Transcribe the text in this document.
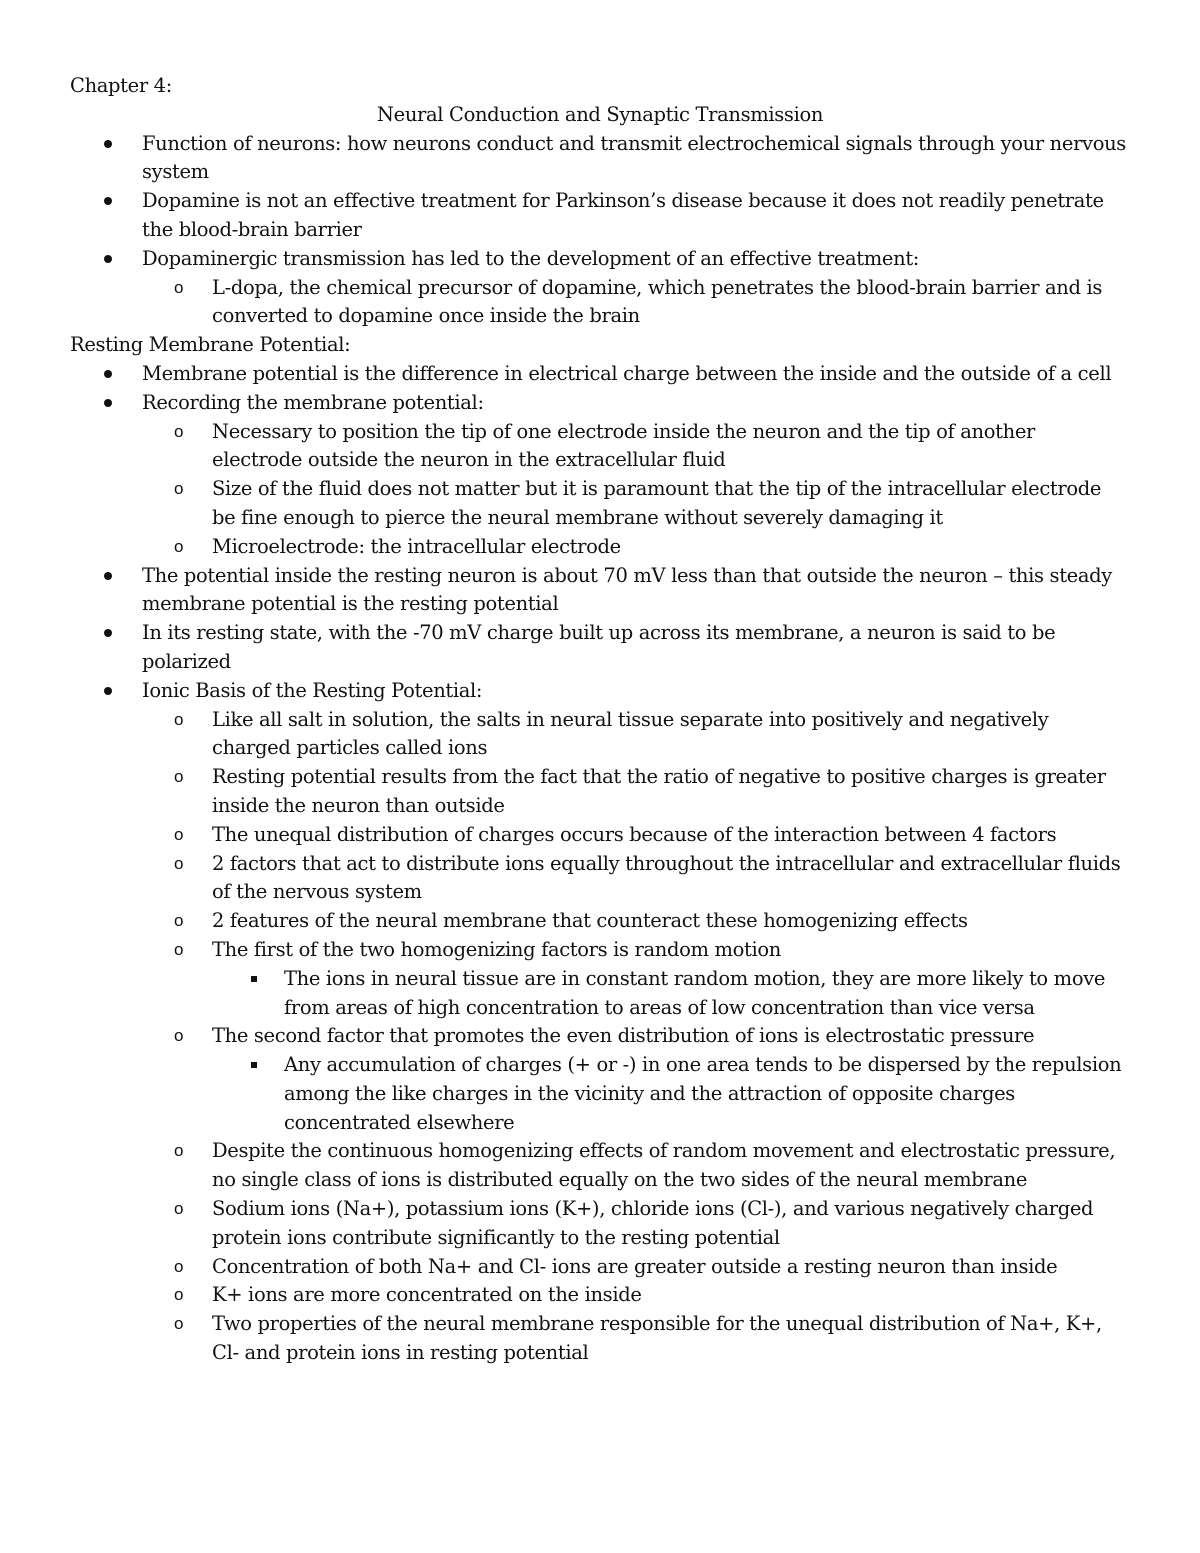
Chapter 4:

Neural Conduction and Synaptic Transmission

Function of neurons: how neurons conduct and transmit electrochemical signals through your nervous system
Dopamine is not an effective treatment for Parkinson’s disease because it does not readily penetrate the blood-brain barrier
Dopaminergic transmission has led to the development of an effective treatment:
o L-dopa, the chemical precursor of dopamine, which penetrates the blood-brain barrier and is converted to dopamine once inside the brain

Resting Membrane Potential:

Membrane potential is the difference in electrical charge between the inside and the outside of a cell
Recording the membrane potential:
o Necessary to position the tip of one electrode inside the neuron and the tip of another electrode outside the neuron in the extracellular fluid
o Size of the fluid does not matter but it is paramount that the tip of the intracellular electrode be fine enough to pierce the neural membrane without severely damaging it
o Microelectrode: the intracellular electrode
The potential inside the resting neuron is about 70 mV less than that outside the neuron – this steady membrane potential is the resting potential
In its resting state, with the -70 mV charge built up across its membrane, a neuron is said to be polarized
Ionic Basis of the Resting Potential:
o Like all salt in solution, the salts in neural tissue separate into positively and negatively charged particles called ions
o Resting potential results from the fact that the ratio of negative to positive charges is greater inside the neuron than outside
o The unequal distribution of charges occurs because of the interaction between 4 factors
o 2 factors that act to distribute ions equally throughout the intracellular and extracellular fluids of the nervous system
o 2 features of the neural membrane that counteract these homogenizing effects
o The first of the two homogenizing factors is random motion
The ions in neural tissue are in constant random motion, they are more likely to move from areas of high concentration to areas of low concentration than vice versa
o The second factor that promotes the even distribution of ions is electrostatic pressure
Any accumulation of charges (+ or -) in one area tends to be dispersed by the repulsion among the like charges in the vicinity and the attraction of opposite charges concentrated elsewhere
o Despite the continuous homogenizing effects of random movement and electrostatic pressure, no single class of ions is distributed equally on the two sides of the neural membrane
o Sodium ions (Na+), potassium ions (K+), chloride ions (Cl-), and various negatively charged protein ions contribute significantly to the resting potential
o Concentration of both Na+ and Cl- ions are greater outside a resting neuron than inside
o K+ ions are more concentrated on the inside
o Two properties of the neural membrane responsible for the unequal distribution of Na+, K+, Cl- and protein ions in resting potential
